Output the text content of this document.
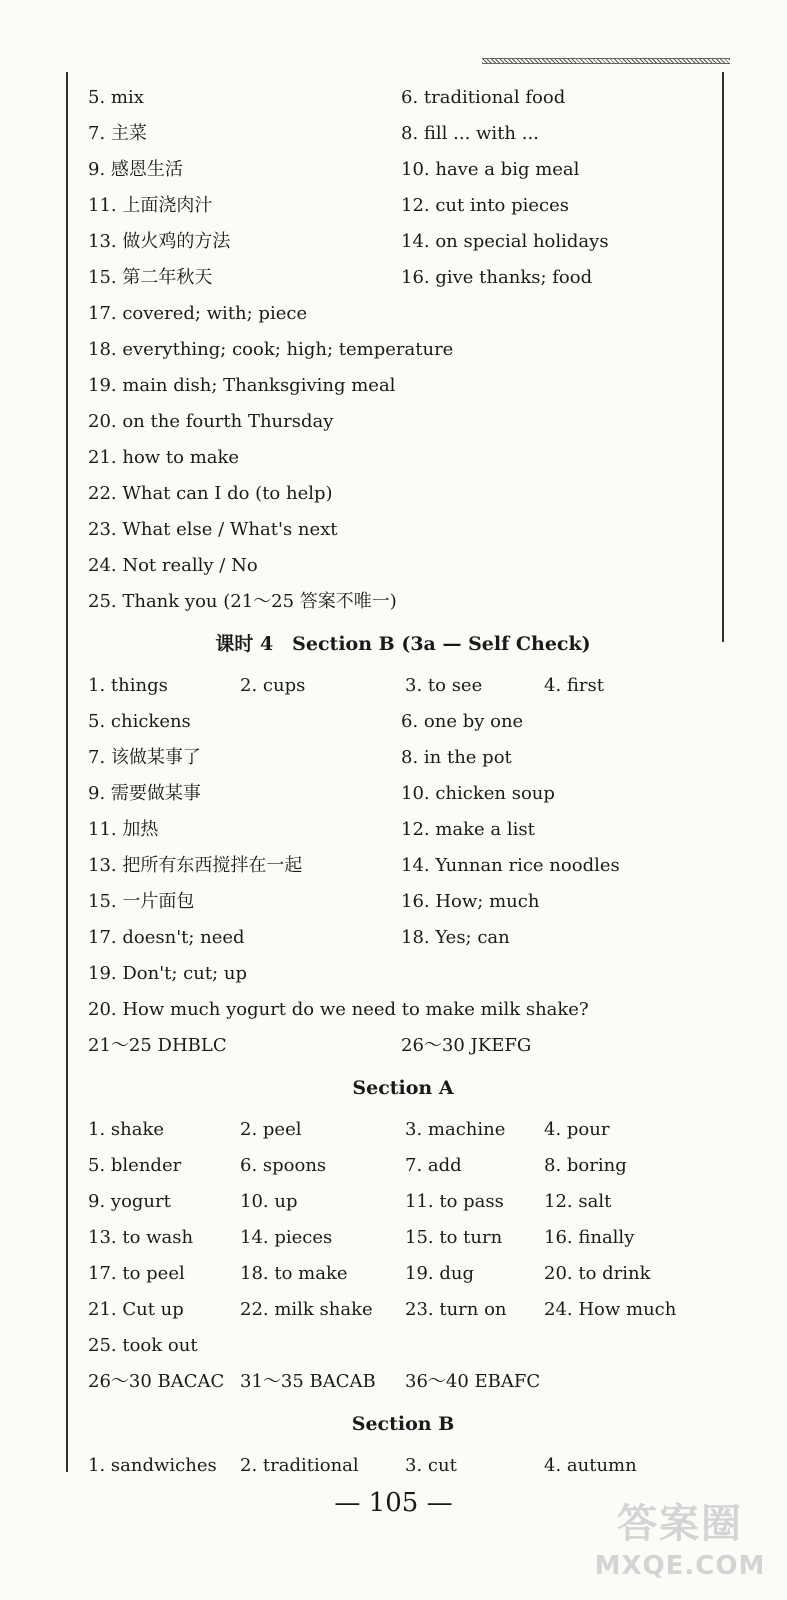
5. mix	6. traditional food
7. 主菜	8. fill ... with ...
9. 感恩生活	10. have a big meal
11. 上面浇肉汁	12. cut into pieces
13. 做火鸡的方法	14. on special holidays
15. 第二年秋天	16. give thanks; food
17. covered; with; piece
18. everything; cook; high; temperature
19. main dish; Thanksgiving meal
20. on the fourth Thursday
21. how to make
22. What can I do (to help)
23. What else / What's next
24. Not really / No
25. Thank you (21～25 答案不唯一)
课时 4　Section B (3a — Self Check)
1. things	2. cups	3. to see	4. first
5. chickens	6. one by one
7. 该做某事了	8. in the pot
9. 需要做某事	10. chicken soup
11. 加热	12. make a list
13. 把所有东西搅拌在一起	14. Yunnan rice noodles
15. 一片面包	16. How; much
17. doesn't; need	18. Yes; can
19. Don't; cut; up
20. How much yogurt do we need to make milk shake?
21～25 DHBLC	26～30 JKEFG
Section A
1. shake	2. peel	3. machine 4. pour
5. blender	6. spoons	7. add	8. boring
9. yogurt	10. up	11. to pass 12. salt
13. to wash	14. pieces	15. to turn 16. finally
17. to peel	18. to make	19. dug	20. to drink
21. Cut up	22. milk shake 23. turn on 24. How much
25. took out
26～30 BACAC 31～35 BACAB 36～40 EBAFC
Section B
1. sandwiches 2. traditional	3. cut	4. autumn
— 105 —	答案圈
MXQE.COM
